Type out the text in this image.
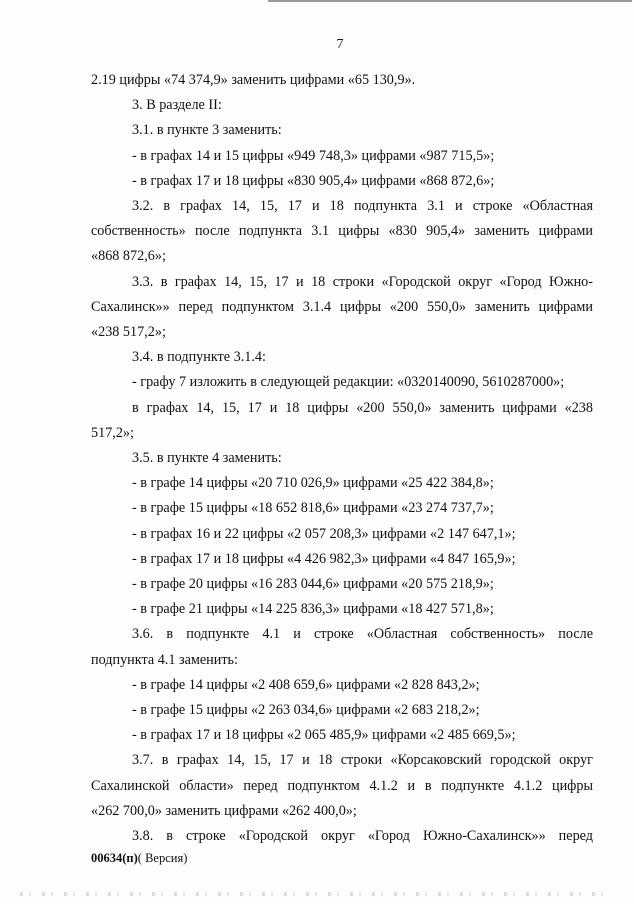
7

2.19 цифры «74 374,9» заменить цифрами «65 130,9».

3. В разделе II:

3.1. в пункте 3 заменить:

- в графах 14 и 15 цифры «949 748,3» цифрами «987 715,5»;

- в графах 17 и 18 цифры «830 905,4» цифрами «868 872,6»;

3.2. в графах 14, 15, 17 и 18 подпункта 3.1 и строке «Областная
собственность» после подпункта 3.1 цифры «830 905,4» заменить цифрами
«868 872,6»;

3.3. в графах 14, 15, 17 и 18 строки «Городской округ «Город Южно-
Сахалинск»» перед подпунктом 3.1.4 цифры «200 550,0» заменить цифрами
«238 517,2»;

3.4. в подпункте 3.1.4:

- графу 7 изложить в следующей редакции: «0320140090, 5610287000»;

в графах 14, 15, 17 и 18 цифры «200 550,0» заменить цифрами «238
517,2»;

3.5. в пункте 4 заменить:

- в графе 14 цифры «20 710 026,9» цифрами «25 422 384,8»;

- в графе 15 цифры «18 652 818,6» цифрами «23 274 737,7»;

- в графах 16 и 22 цифры «2 057 208,3» цифрами «2 147 647,1»;

- в графах 17 и 18 цифры «4 426 982,3» цифрами «4 847 165,9»;

- в графе 20 цифры «16 283 044,6» цифрами «20 575 218,9»;

- в графе 21 цифры «14 225 836,3» цифрами «18 427 571,8»;

3.6. в подпункте 4.1 и строке «Областная собственность» после
подпункта 4.1 заменить:

- в графе 14 цифры «2 408 659,6» цифрами «2 828 843,2»;

- в графе 15 цифры «2 263 034,6» цифрами «2 683 218,2»;

- в графах 17 и 18 цифры «2 065 485,9» цифрами «2 485 669,5»;

3.7. в графах 14, 15, 17 и 18 строки «Корсаковский городской округ
Сахалинской области» перед подпунктом 4.1.2 и в подпункте 4.1.2 цифры
«262 700,0» заменить цифрами «262 400,0»;

3.8. в строке «Городской округ «Город Южно-Сахалинск»» перед

00634(п)( Версия)
